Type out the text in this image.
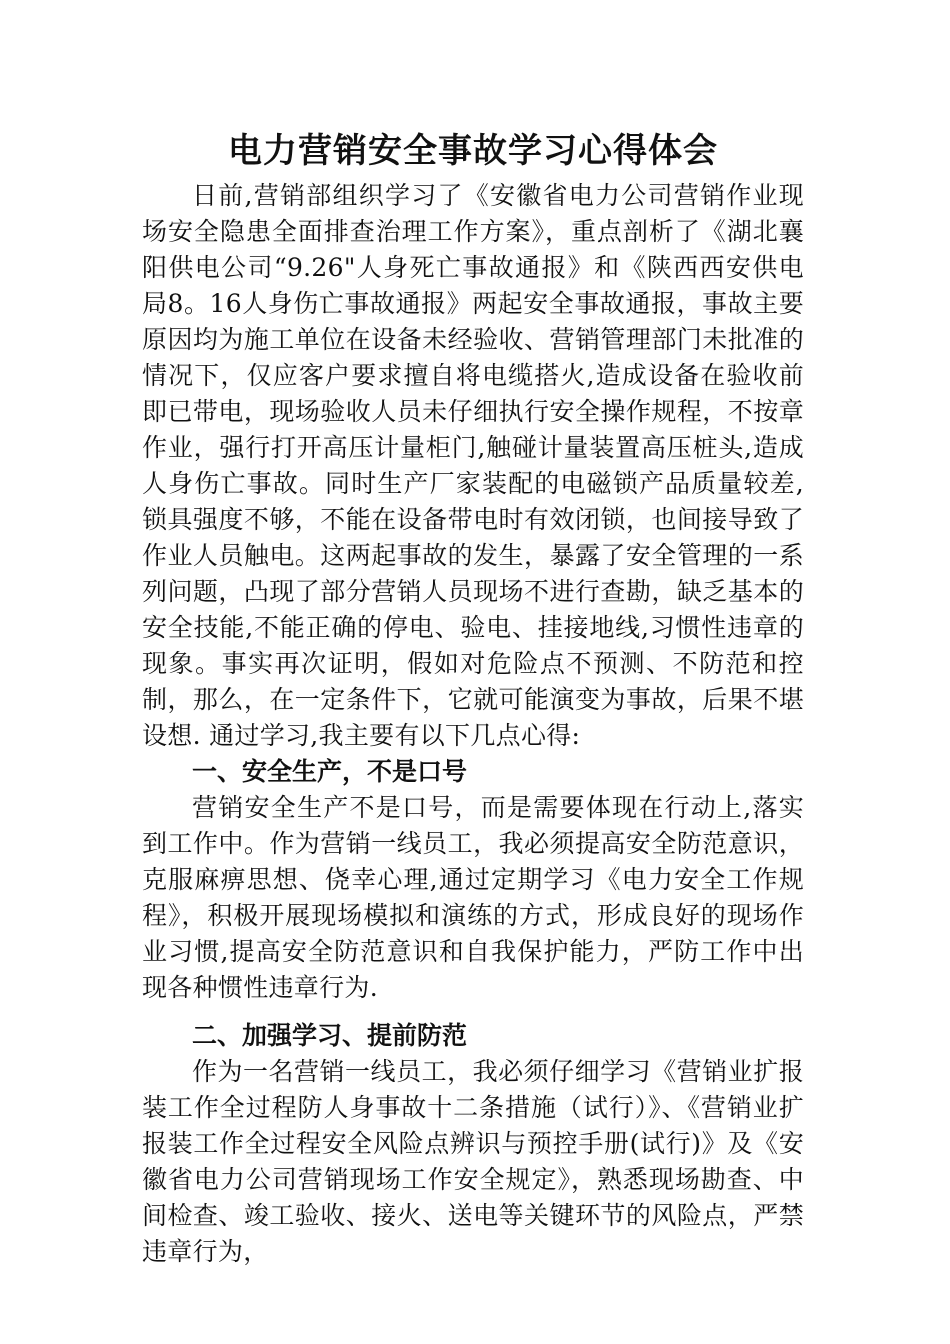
电力营销安全事故学习心得体会

日前,营销部组织学习了《安徽省电力公司营销作业现场安全隐患全面排查治理工作方案》，重点剖析了《湖北襄阳供电公司“9.26"人身死亡事故通报》和《陕西西安供电局8。16人身伤亡事故通报》两起安全事故通报，事故主要原因均为施工单位在设备未经验收、营销管理部门未批准的情况下，仅应客户要求擅自将电缆搭火,造成设备在验收前即已带电，现场验收人员未仔细执行安全操作规程，不按章作业，强行打开高压计量柜门,触碰计量装置高压桩头,造成人身伤亡事故。同时生产厂家装配的电磁锁产品质量较差,锁具强度不够，不能在设备带电时有效闭锁，也间接导致了作业人员触电。这两起事故的发生，暴露了安全管理的一系列问题，凸现了部分营销人员现场不进行查勘，缺乏基本的安全技能,不能正确的停电、验电、挂接地线,习惯性违章的现象。事实再次证明，假如对危险点不预测、不防范和控制，那么，在一定条件下，它就可能演变为事故，后果不堪设想. 通过学习,我主要有以下几点心得:

一、安全生产，不是口号

营销安全生产不是口号，而是需要体现在行动上,落实到工作中。作为营销一线员工，我必须提高安全防范意识，克服麻痹思想、侥幸心理,通过定期学习《电力安全工作规程》，积极开展现场模拟和演练的方式，形成良好的现场作业习惯,提高安全防范意识和自我保护能力，严防工作中出现各种惯性违章行为.

二、加强学习、提前防范

作为一名营销一线员工，我必须仔细学习《营销业扩报装工作全过程防人身事故十二条措施（试行）》、《营销业扩报装工作全过程安全风险点辨识与预控手册(试行)》及《安徽省电力公司营销现场工作安全规定》，熟悉现场勘查、中间检查、竣工验收、接火、送电等关键环节的风险点，严禁违章行为，
